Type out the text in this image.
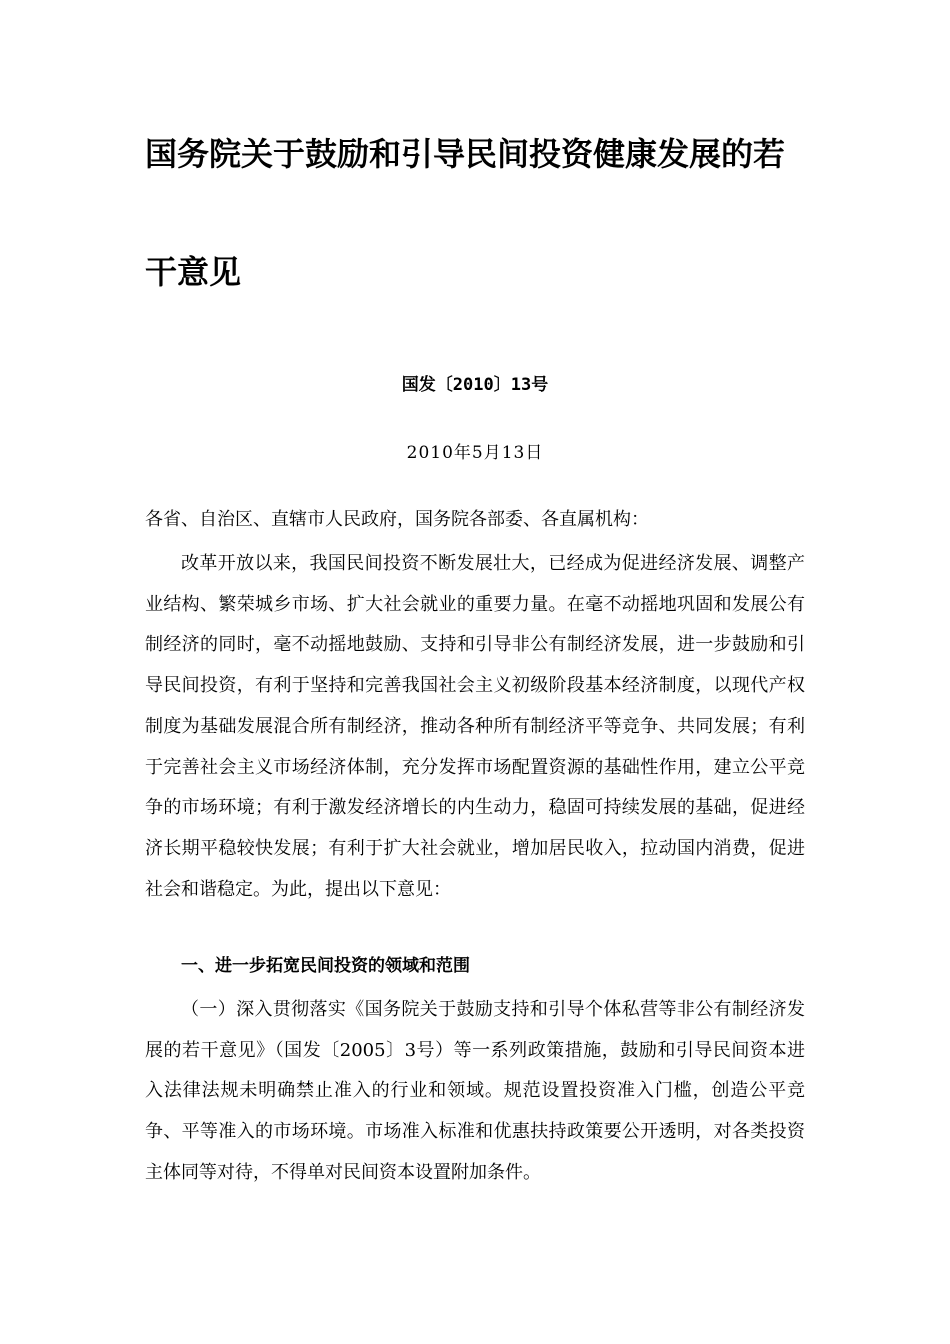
国务院关于鼓励和引导民间投资健康发展的若
干意见
国发〔2010〕13号
2010年5月13日
各省、自治区、直辖市人民政府，国务院各部委、各直属机构：
改革开放以来，我国民间投资不断发展壮大，已经成为促进经济发展、调整产业结构、繁荣城乡市场、扩大社会就业的重要力量。在毫不动摇地巩固和发展公有制经济的同时，毫不动摇地鼓励、支持和引导非公有制经济发展，进一步鼓励和引导民间投资，有利于坚持和完善我国社会主义初级阶段基本经济制度，以现代产权制度为基础发展混合所有制经济，推动各种所有制经济平等竞争、共同发展；有利于完善社会主义市场经济体制，充分发挥市场配置资源的基础性作用，建立公平竞争的市场环境；有利于激发经济增长的内生动力，稳固可持续发展的基础，促进经济长期平稳较快发展；有利于扩大社会就业，增加居民收入，拉动国内消费，促进社会和谐稳定。为此，提出以下意见：
一、进一步拓宽民间投资的领域和范围
（一）深入贯彻落实《国务院关于鼓励支持和引导个体私营等非公有制经济发展的若干意见》（国发〔2005〕3号）等一系列政策措施，鼓励和引导民间资本进入法律法规未明确禁止准入的行业和领域。规范设置投资准入门槛，创造公平竞争、平等准入的市场环境。市场准入标准和优惠扶持政策要公开透明，对各类投资主体同等对待，不得单对民间资本设置附加条件。
